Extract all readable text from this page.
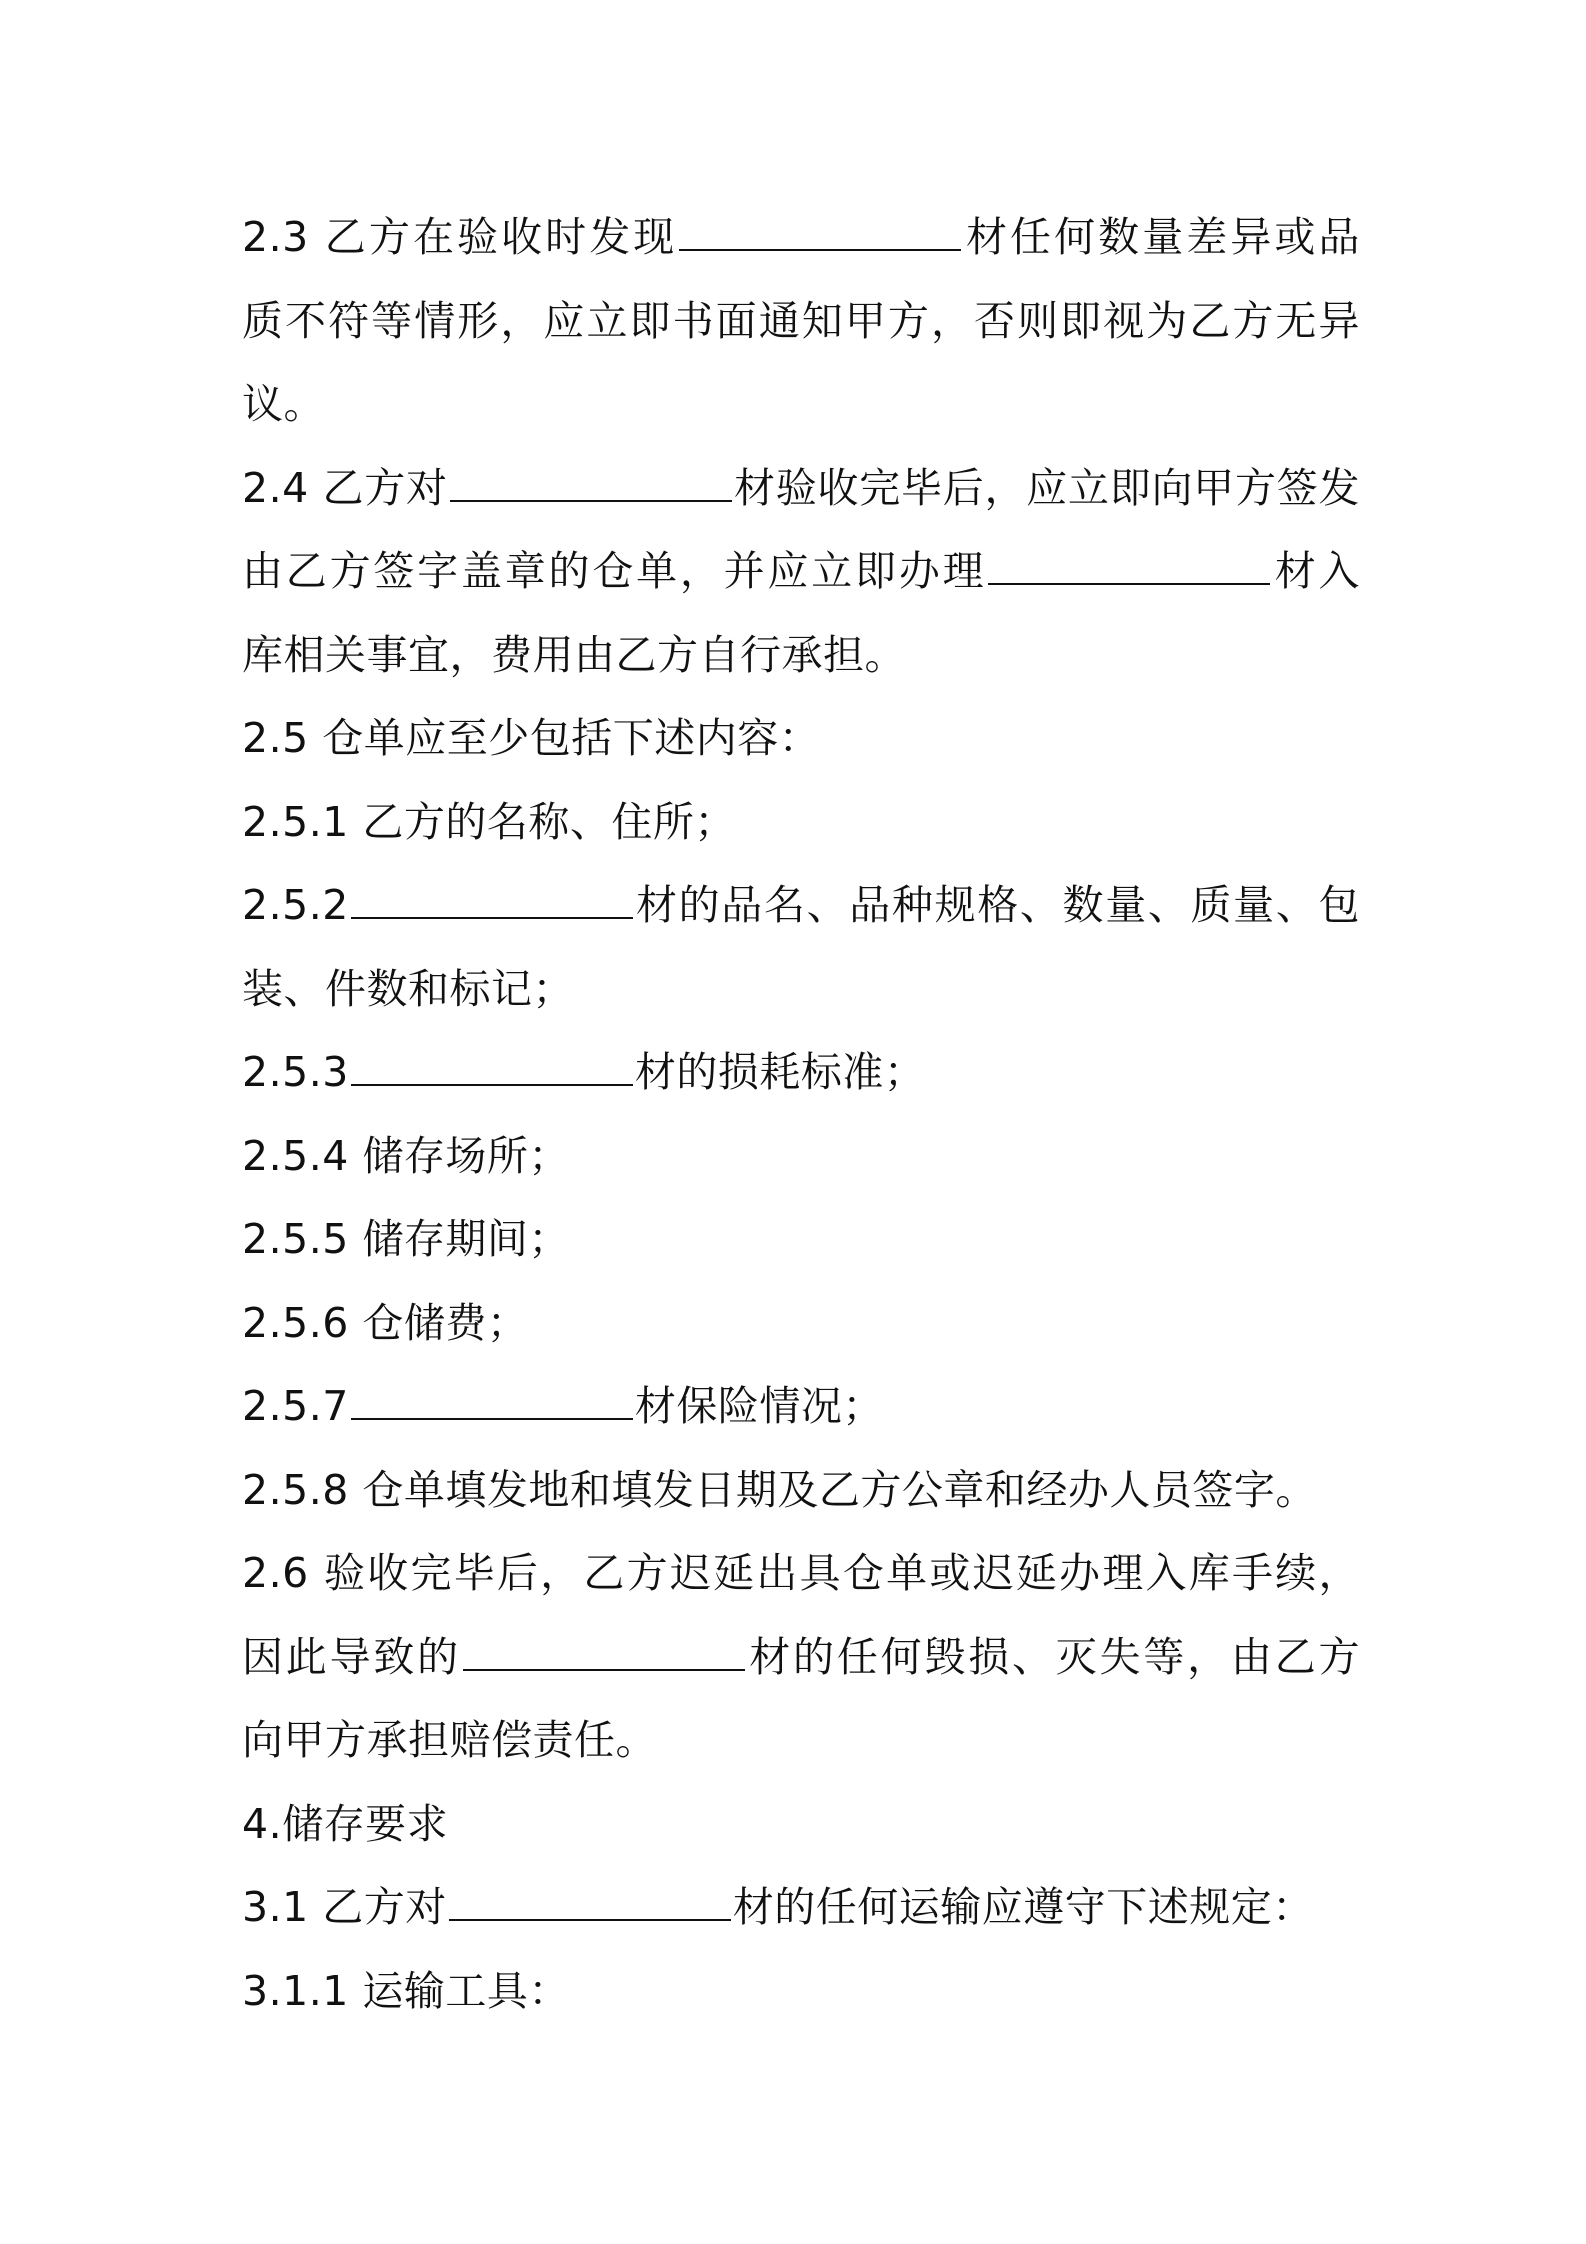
2.3 乙方在验收时发现	材任何数量差异或品
质不符等情形，应立即书面通知甲方，否则即视为乙方无异
议。
2.4 乙方对	材验收完毕后，应立即向甲方签发
由乙方签字盖章的仓单，并应立即办理	材入
库相关事宜，费用由乙方自行承担。
2.5 仓单应至少包括下述内容：
2.5.1 乙方的名称、住所；
2.5.2	材的品名、品种规格、数量、质量、包
装、件数和标记；
2.5.3	材的损耗标准；
2.5.4 储存场所；
2.5.5 储存期间；
2.5.6 仓储费；
2.5.7	材保险情况；
2.5.8 仓单填发地和填发日期及乙方公章和经办人员签字。
2.6 验收完毕后，乙方迟延出具仓单或迟延办理入库手续，
因此导致的	材的任何毁损、灭失等，由乙方
向甲方承担赔偿责任。
4.储存要求
3.1 乙方对	材的任何运输应遵守下述规定：
3.1.1 运输工具：
